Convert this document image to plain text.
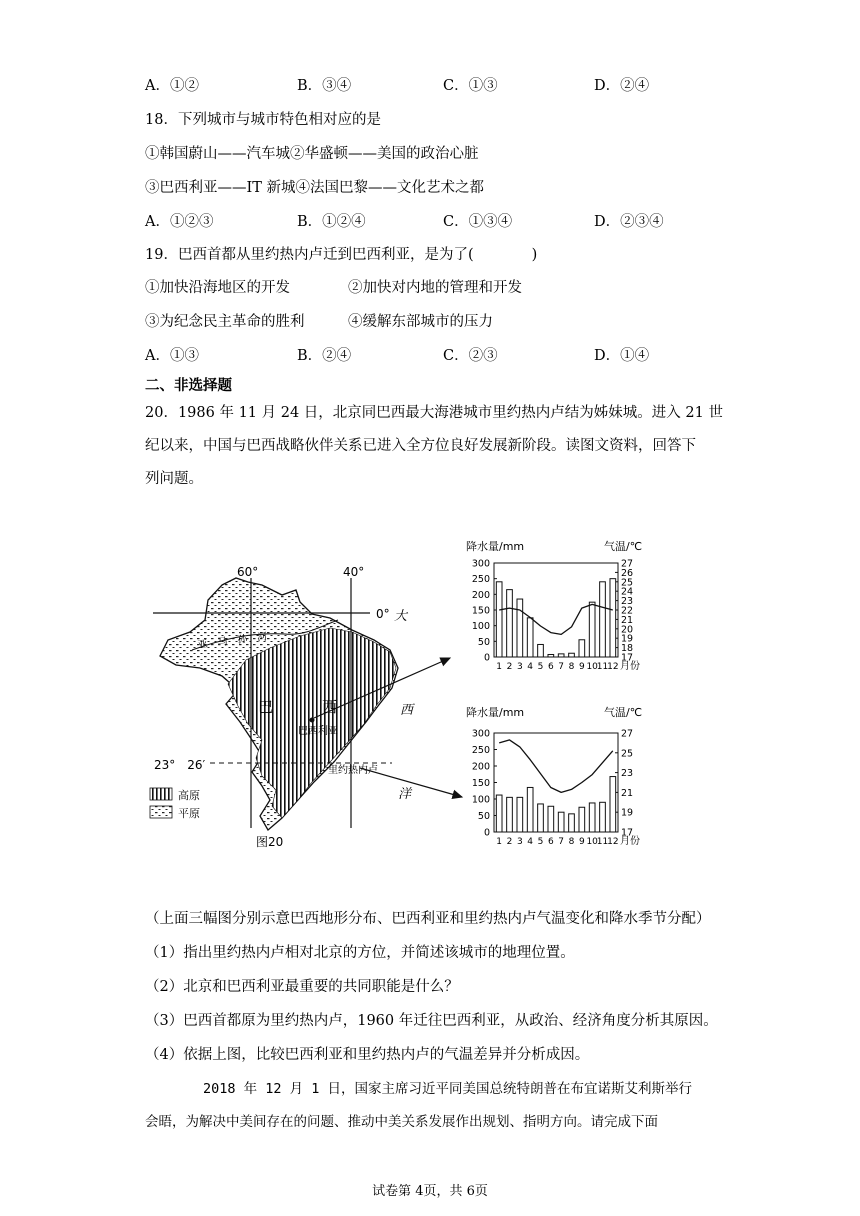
A．①②	B．③④	C．①③	D．②④
18．下列城市与城市特色相对应的是
①韩国蔚山——汽车城②华盛顿——美国的政治心脏
③巴西利亚——IT 新城④法国巴黎——文化艺术之都
A．①②③	B．①②④	C．①③④	D．②③④
19．巴西首都从里约热内卢迁到巴西利亚，是为了(　　　　)
①加快沿海地区的开发	②加快对内地的管理和开发
③为纪念民主革命的胜利	④缓解东部城市的压力
A．①③	B．②④	C．②③	D．①④
二、非选择题
20．1986 年 11 月 24 日，北京同巴西最大海港城市里约热内卢结为姊妹城。进入 21 世
纪以来，中国与巴西战略伙伴关系已进入全方位良好发展新阶段。读图文资料，回答下
列问题。
60°	40°
0° 大
西
洋
亚　马　孙　河
巴	西
巴西利亚
里约热内卢
23°　26′
高原
平原
图20
降水量/mm	气温/℃
0
50
100
150
200
250
300
17
18
19
20
21
22
23
24
25
26
27
1 2 3 4 5 6 7 8 9 10
11
12 月份
降水量/mm	气温/℃
0
50
100
150
200
250
300
17
19
21
23
25
27
1 2 3 4 5 6 7 8 9 10
11
12 月份
（上面三幅图分别示意巴西地形分布、巴西利亚和里约热内卢气温变化和降水季节分配）
（1）指出里约热内卢相对北京的方位，并简述该城市的地理位置。
（2）北京和巴西利亚最重要的共同职能是什么？
（3）巴西首都原为里约热内卢，1960 年迁往巴西利亚，从政治、经济角度分析其原因。
（4）依据上图，比较巴西利亚和里约热内卢的气温差异并分析成因。
2018 年 12 月 1 日，国家主席习近平同美国总统特朗普在布宜诺斯艾利斯举行
会晤，为解决中美间存在的问题、推动中美关系发展作出规划、指明方向。请完成下面
试卷第 4页，共 6页
